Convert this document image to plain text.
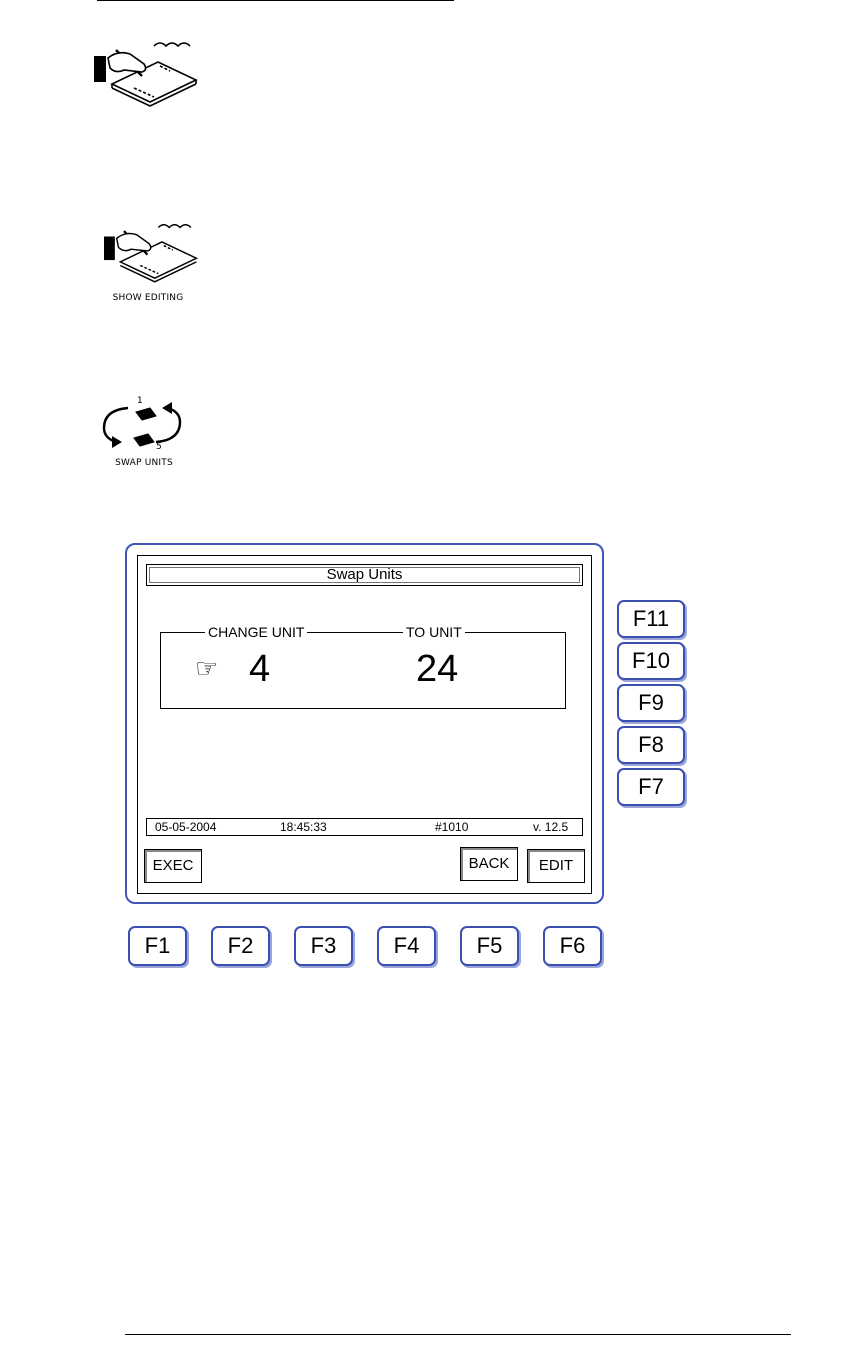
SHOW EDITING
1
5
SWAP UNITS
Swap Units
CHANGE UNIT	TO UNIT
☞ 4	24
05-05-2004	18:45:33	#1010	v. 12.5
EXEC	BACK	EDIT
F11
F10
F9
F8
F7
F1	F2	F3	F4	F5	F6
